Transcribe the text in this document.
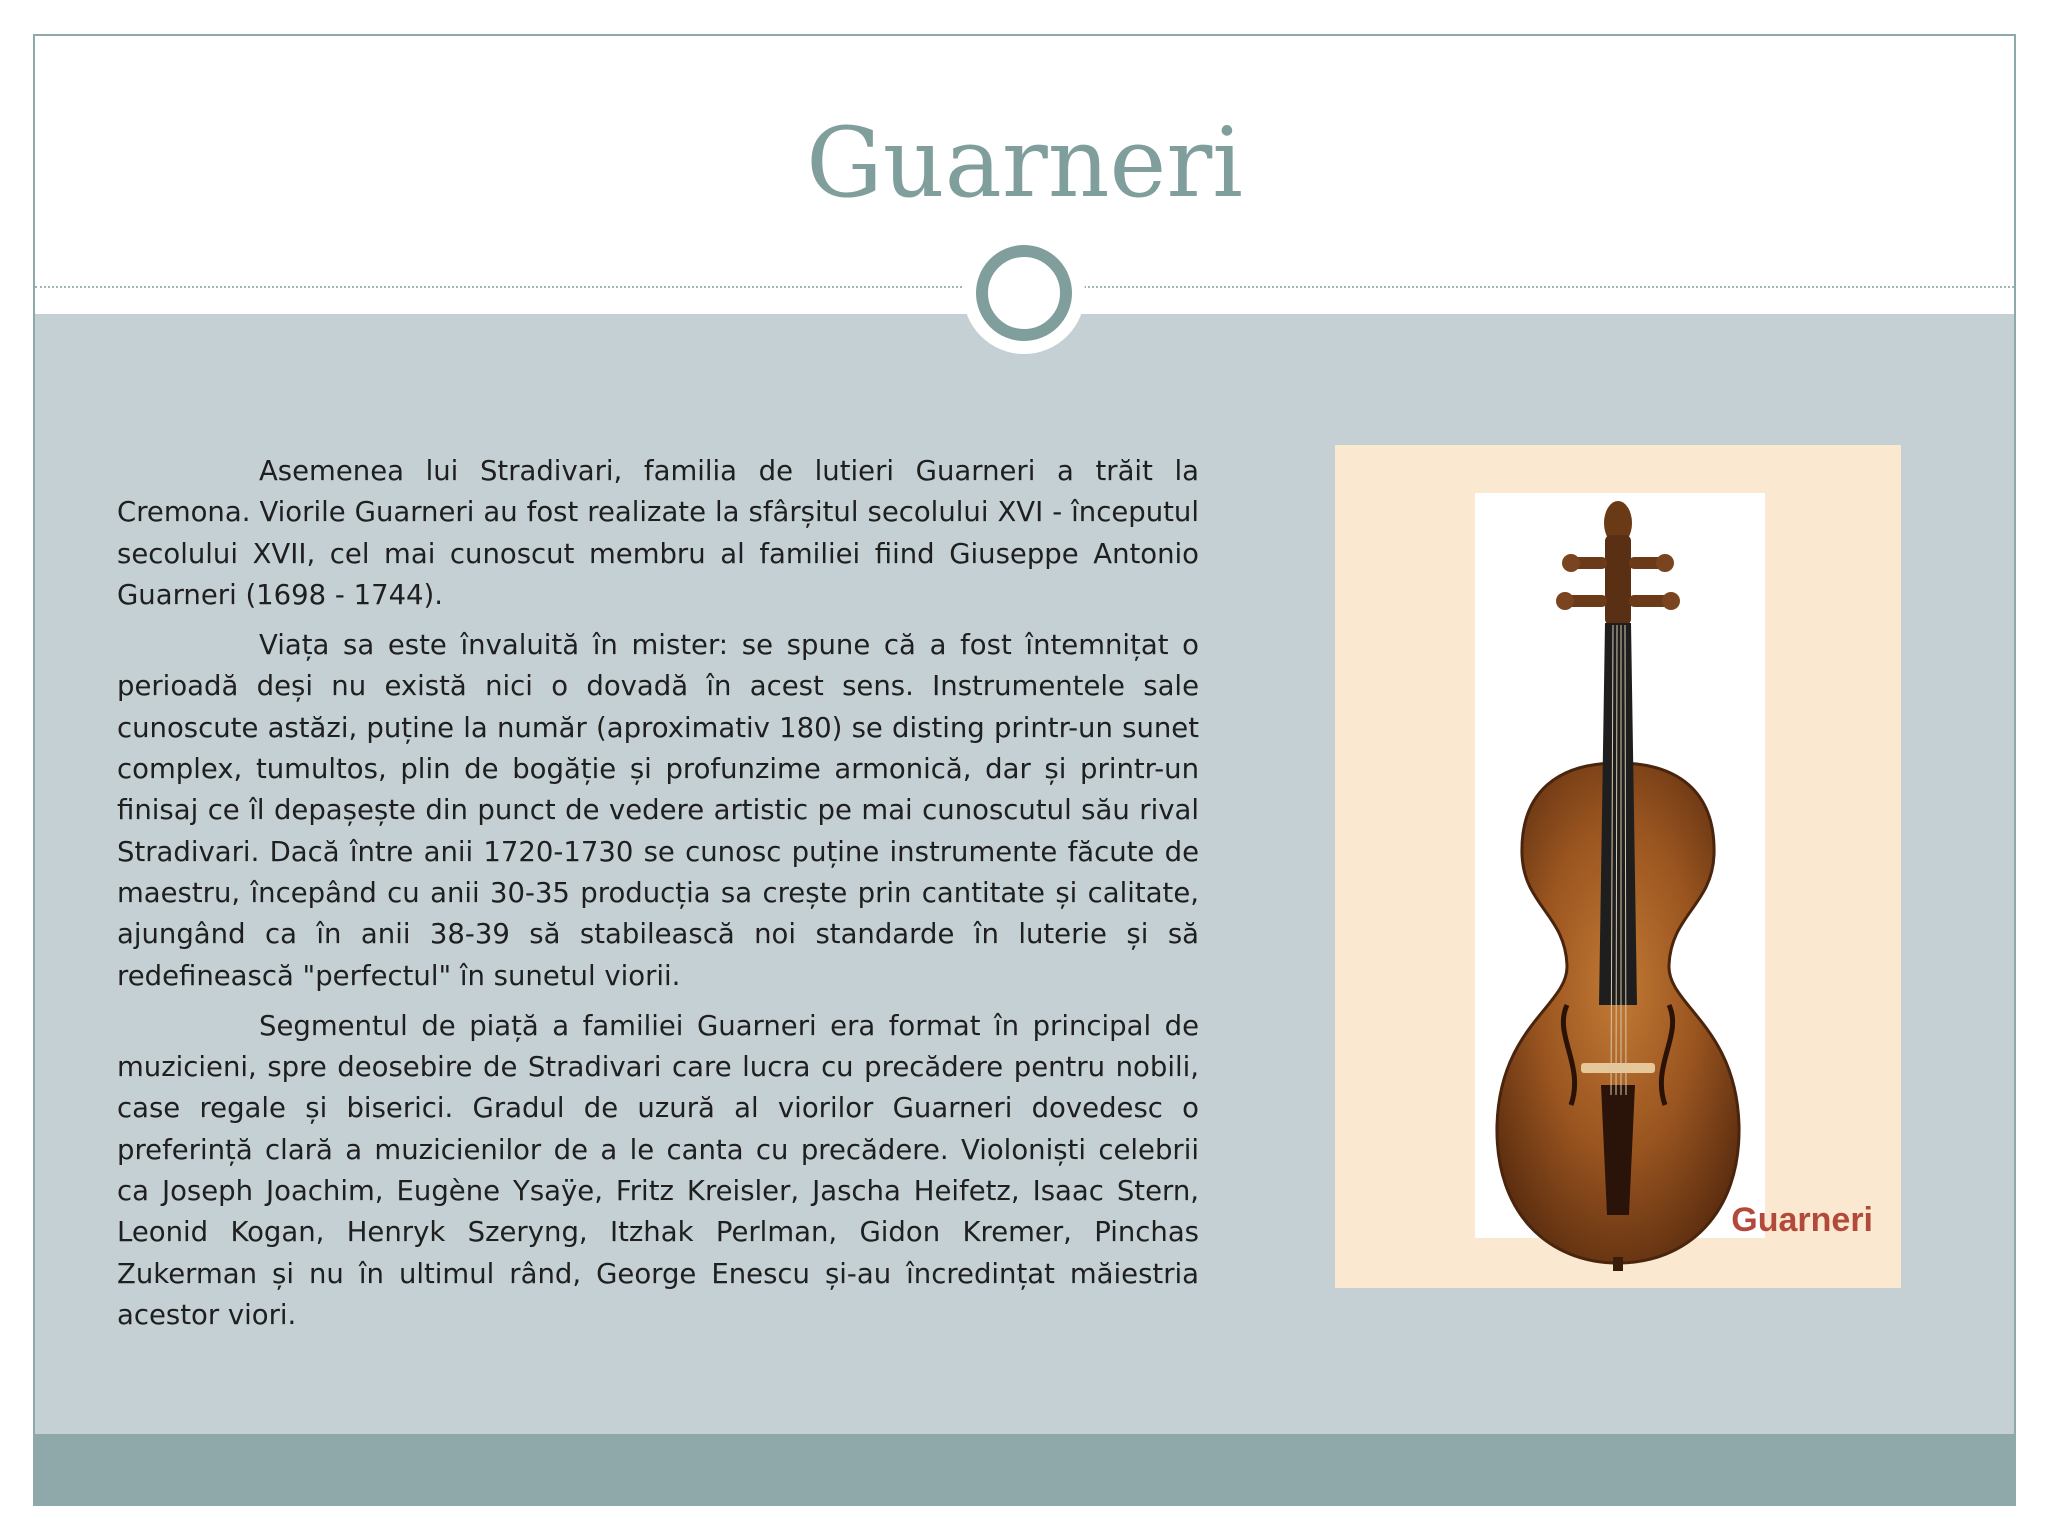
Guarneri

Asemenea lui Stradivari, familia de lutieri Guarneri a trăit la Cremona. Viorile Guarneri au fost realizate la sfârșitul secolului XVI - începutul secolului XVII, cel mai cunoscut membru al familiei fiind Giuseppe Antonio Guarneri (1698 - 1744).

Viața sa este învaluită în mister: se spune că a fost întemnițat o perioadă deși nu există nici o dovadă în acest sens. Instrumentele sale cunoscute astăzi, puține la număr (aproximativ 180) se disting printr-un sunet complex, tumultos, plin de bogăție și profunzime armonică, dar și printr-un finisaj ce îl depașește din punct de vedere artistic pe mai cunoscutul său rival Stradivari. Dacă între anii 1720-1730 se cunosc puține instrumente făcute de maestru, începând cu anii 30-35 producția sa crește prin cantitate și calitate, ajungând ca în anii 38-39 să stabilească noi standarde în luterie și să redefinească "perfectul" în sunetul viorii.

Segmentul de piață a familiei Guarneri era format în principal de muzicieni, spre deosebire de Stradivari care lucra cu precădere pentru nobili, case regale și biserici. Gradul de uzură al viorilor Guarneri dovedesc o preferință clară a muzicienilor de a le canta cu precădere. Violoniști celebrii ca Joseph Joachim, Eugène Ysaÿe, Fritz Kreisler, Jascha Heifetz, Isaac Stern, Leonid Kogan, Henryk Szeryng, Itzhak Perlman, Gidon Kremer, Pinchas Zukerman și nu în ultimul rând, George Enescu și-au încredințat măiestria acestor viori.

Guarneri
